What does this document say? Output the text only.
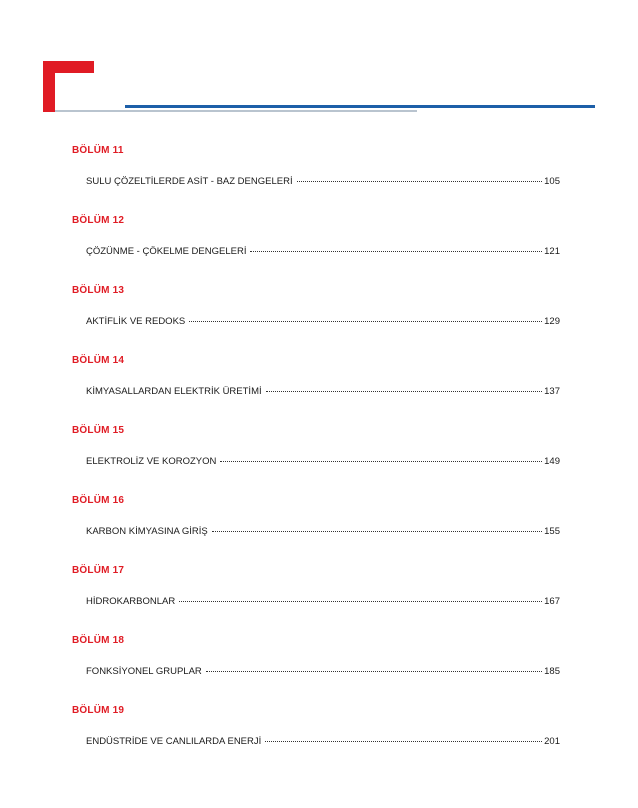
BÖLÜM 11
SULU ÇÖZELTİLERDE ASİT - BAZ DENGELERİ	105
BÖLÜM 12
ÇÖZÜNME - ÇÖKELME DENGELERİ	121
BÖLÜM 13
AKTİFLİK VE REDOKS	129
BÖLÜM 14
KİMYASALLARDAN ELEKTRİK ÜRETİMİ	137
BÖLÜM 15
ELEKTROLİZ VE KOROZYON	149
BÖLÜM 16
KARBON KİMYASINA GİRİŞ	155
BÖLÜM 17
HİDROKARBONLAR	167
BÖLÜM 18
FONKSİYONEL GRUPLAR	185
BÖLÜM 19
ENDÜSTRİDE VE CANLILARDA ENERJİ	201
